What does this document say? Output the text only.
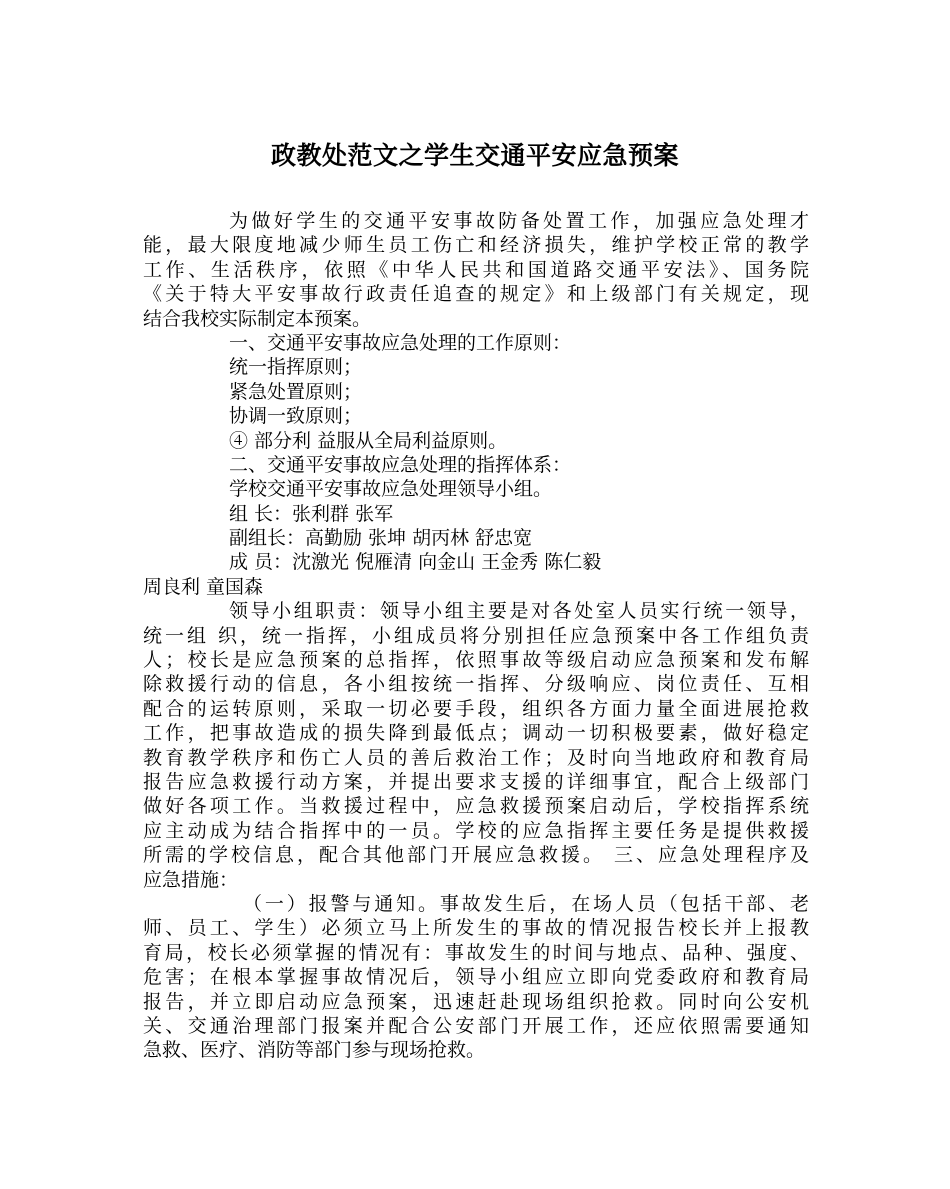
政教处范文之学生交通平安应急预案
为做好学生的交通平安事故防备处置工作，加强应急处理才
能，最大限度地减少师生员工伤亡和经济损失，维护学校正常的教学
工作、生活秩序，依照《中华人民共和国道路交通平安法》、国务院
《关于特大平安事故行政责任追查的规定》和上级部门有关规定，现
结合我校实际制定本预案。
一、交通平安事故应急处理的工作原则：
统一指挥原则；
紧急处置原则；
协调一致原则；
④ 部分利 益服从全局利益原则。
二、交通平安事故应急处理的指挥体系：
学校交通平安事故应急处理领导小组。
组 长：张利群 张军
副组长：高勤励 张坤 胡丙林 舒忠宽
成 员：沈激光 倪雁清 向金山 王金秀 陈仁毅
周良利 童国森
领导小组职责：领导小组主要是对各处室人员实行统一领导，
统一组 织，统一指挥，小组成员将分别担任应急预案中各工作组负责
人；校长是应急预案的总指挥，依照事故等级启动应急预案和发布解
除救援行动的信息，各小组按统一指挥、分级响应、岗位责任、互相
配合的运转原则，采取一切必要手段，组织各方面力量全面进展抢救
工作，把事故造成的损失降到最低点；调动一切积极要素，做好稳定
教育教学秩序和伤亡人员的善后救治工作；及时向当地政府和教育局
报告应急救援行动方案，并提出要求支援的详细事宜，配合上级部门
做好各项工作。当救援过程中，应急救援预案启动后，学校指挥系统
应主动成为结合指挥中的一员。学校的应急指挥主要任务是提供救援
所需的学校信息，配合其他部门开展应急救援。 三、应急处理程序及
应急措施：
（一）报警与通知。事故发生后，在场人员（包括干部、老
师、员工、学生）必须立马上所发生的事故的情况报告校长并上报教
育局，校长必须掌握的情况有：事故发生的时间与地点、品种、强度、
危害；在根本掌握事故情况后，领导小组应立即向党委政府和教育局
报告，并立即启动应急预案，迅速赶赴现场组织抢救。同时向公安机
关、交通治理部门报案并配合公安部门开展工作，还应依照需要通知
急救、医疗、消防等部门参与现场抢救。
